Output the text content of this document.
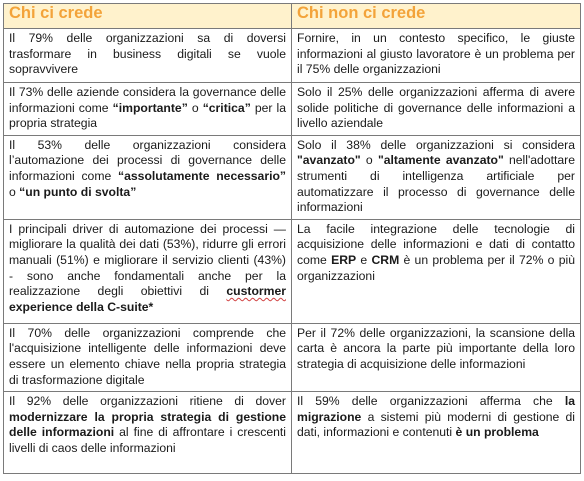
Chi ci crede	Chi non ci crede
Il 79% delle organizzazioni sa di doversi trasformare in business digitali se vuole sopravvivere	Fornire, in un contesto specifico, le giuste informazioni al giusto lavoratore è un problema per il 75% delle organizzazioni
Il 73% delle aziende considera la governance delle informazioni come “importante” o “critica” per la propria strategia	Solo il 25% delle organizzazioni afferma di avere solide politiche di governance delle informazioni a livello aziendale
Il 53% delle organizzazioni considera l’automazione dei processi di governance delle informazioni come “assolutamente necessario” o “un punto di svolta”	Solo il 38% delle organizzazioni si considera "avanzato" o "altamente avanzato" nell'adottare strumenti di intelligenza artificiale per automatizzare il processo di governance delle informazioni
I principali driver di automazione dei processi — migliorare la qualità dei dati (53%), ridurre gli errori manuali (51%) e migliorare il servizio clienti (43%) - sono anche fondamentali anche per la realizzazione degli obiettivi di custormer experience della C-suite*	La facile integrazione delle tecnologie di acquisizione delle informazioni e dati di contatto come ERP e CRM è un problema per il 72% o più organizzazioni
Il 70% delle organizzazioni comprende che l'acquisizione intelligente delle informazioni deve essere un elemento chiave nella propria strategia di trasformazione digitale	Per il 72% delle organizzazioni, la scansione della carta è ancora la parte più importante della loro strategia di acquisizione delle informazioni
Il 92% delle organizzazioni ritiene di dover modernizzare la propria strategia di gestione delle informazioni al fine di affrontare i crescenti livelli di caos delle informazioni	Il 59% delle organizzazioni afferma che la migrazione a sistemi più moderni di gestione di dati, informazioni e contenuti è un problema
